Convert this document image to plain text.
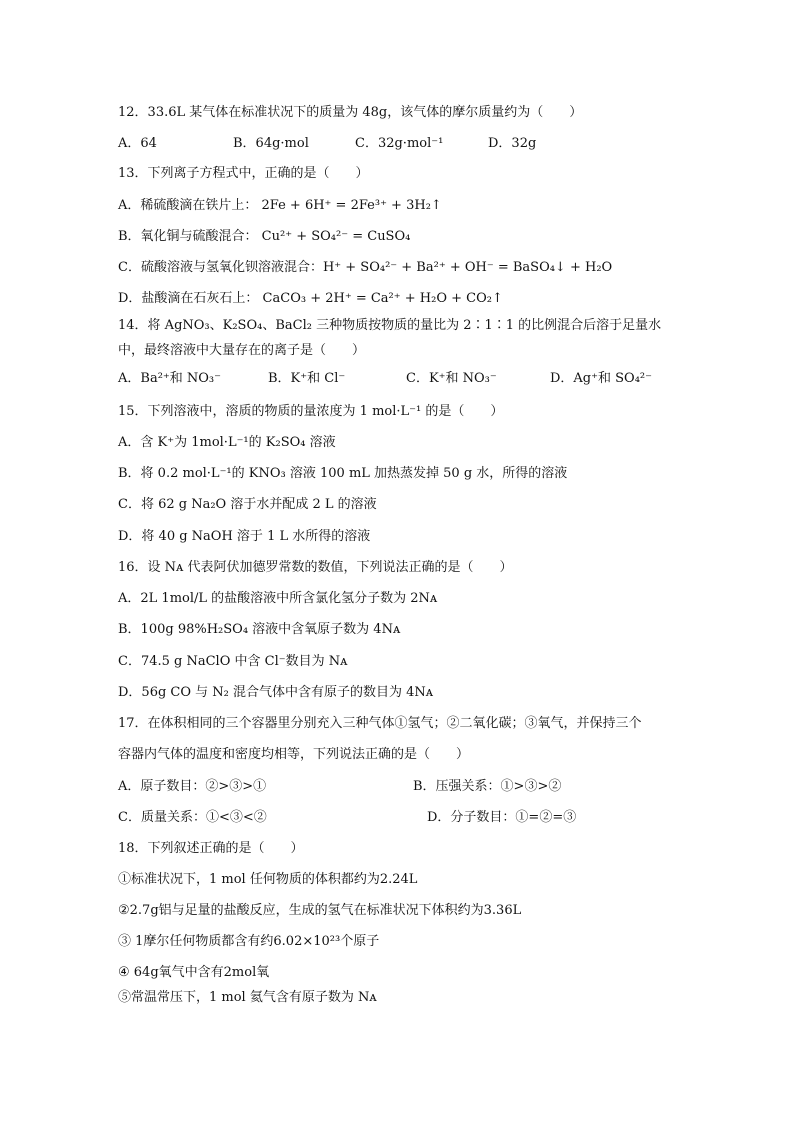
12．33.6L 某气体在标准状况下的质量为 48g，该气体的摩尔质量约为（　　）
A．64	B．64g·mol	C．32g·mol⁻¹	D．32g
13．下列离子方程式中，正确的是（　　）
A．稀硫酸滴在铁片上： 2Fe + 6H⁺ = 2Fe³⁺ + 3H₂↑
B．氧化铜与硫酸混合： Cu²⁺ + SO₄²⁻ = CuSO₄
C．硫酸溶液与氢氧化钡溶液混合：H⁺ + SO₄²⁻ + Ba²⁺ + OH⁻ = BaSO₄↓ + H₂O
D．盐酸滴在石灰石上： CaCO₃ + 2H⁺ = Ca²⁺ + H₂O + CO₂↑
14．将 AgNO₃、K₂SO₄、BaCl₂ 三种物质按物质的量比为 2∶1∶1 的比例混合后溶于足量水
中，最终溶液中大量存在的离子是（　　）
A．Ba²⁺和 NO₃⁻	B．K⁺和 Cl⁻	C．K⁺和 NO₃⁻	D．Ag⁺和 SO₄²⁻
15．下列溶液中，溶质的物质的量浓度为 1 mol·L⁻¹ 的是（　　）
A．含 K⁺为 1mol·L⁻¹的 K₂SO₄ 溶液
B．将 0.2 mol·L⁻¹的 KNO₃ 溶液 100 mL 加热蒸发掉 50 g 水，所得的溶液
C．将 62 g Na₂O 溶于水并配成 2 L 的溶液
D．将 40 g NaOH 溶于 1 L 水所得的溶液
16．设 Nᴀ 代表阿伏加德罗常数的数值，下列说法正确的是（　　）
A．2L 1mol/L 的盐酸溶液中所含氯化氢分子数为 2Nᴀ
B．100g 98%H₂SO₄ 溶液中含氧原子数为 4Nᴀ
C．74.5 g NaClO 中含 Cl⁻数目为 Nᴀ
D．56g CO 与 N₂ 混合气体中含有原子的数目为 4Nᴀ
17．在体积相同的三个容器里分别充入三种气体①氢气；②二氧化碳；③氧气，并保持三个
容器内气体的温度和密度均相等，下列说法正确的是（　　）
A．原子数目：②>③>①	B．压强关系：①>③>②
C．质量关系：①<③<②	D．分子数目：①=②=③
18．下列叙述正确的是（　　）
①标准状况下，1 mol 任何物质的体积都约为2.24L
②2.7g铝与足量的盐酸反应，生成的氢气在标准状况下体积约为3.36L
③ 1摩尔任何物质都含有约6.02×10²³个原子
④ 64g氧气中含有2mol氧
⑤常温常压下，1 mol 氦气含有原子数为 Nᴀ
